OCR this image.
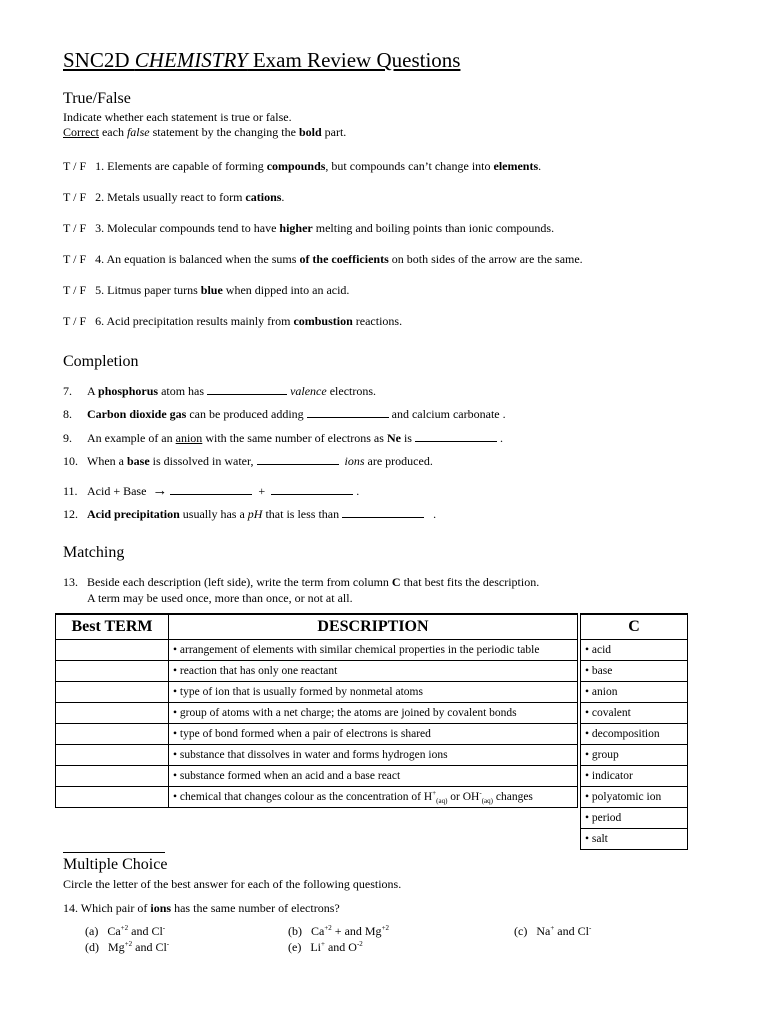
SNC2D CHEMISTRY Exam Review Questions
True/False
Indicate whether each statement is true or false.
Correct each false statement by the changing the bold part.
T / F 1. Elements are capable of forming compounds, but compounds can’t change into elements.
T / F 2. Metals usually react to form cations.
T / F 3. Molecular compounds tend to have higher melting and boiling points than ionic compounds.
T / F 4. An equation is balanced when the sums of the coefficients on both sides of the arrow are the same.
T / F 5. Litmus paper turns blue when dipped into an acid.
T / F 6. Acid precipitation results mainly from combustion reactions.
Completion
7. A phosphorus atom has	valence electrons.
8. Carbon dioxide gas can be produced adding	and calcium carbonate .
9. An example of an anion with the same number of electrons as Ne is	.
10. When a base is dissolved in water,	ions are produced.
11. Acid + Base →	+	.
12. Acid precipitation usually has a pH that is less than	.
Matching
13. Beside each description (left side), write the term from column C that best fits the description.
A term may be used once, more than once, or not at all.
Best TERM	DESCRIPTION
	• arrangement of elements with similar chemical properties in the periodic table
	• reaction that has only one reactant
	• type of ion that is usually formed by nonmetal atoms
	• group of atoms with a net charge; the atoms are joined by covalent bonds
	• type of bond formed when a pair of electrons is shared
	• substance that dissolves in water and forms hydrogen ions
	• substance formed when an acid and a base react
	• chemical that changes colour as the concentration of $H^+_{(aq)}$ or $OH^-_{(aq)}$ changes
C
• acid
• base
• anion
• covalent
• decomposition
• group
• indicator
• polyatomic ion
• period
• salt
Multiple Choice
Circle the letter of the best answer for each of the following questions.
14. Which pair of ions has the same number of electrons?
(a) $Ca^{+2}$ and Cl-	(b) $Ca^{+2}$ + and $Mg^{+2}$	(c) Na+ and Cl-
(d) $Mg^{+2}$ and Cl-	(e) Li+ and $O^{-2}$
